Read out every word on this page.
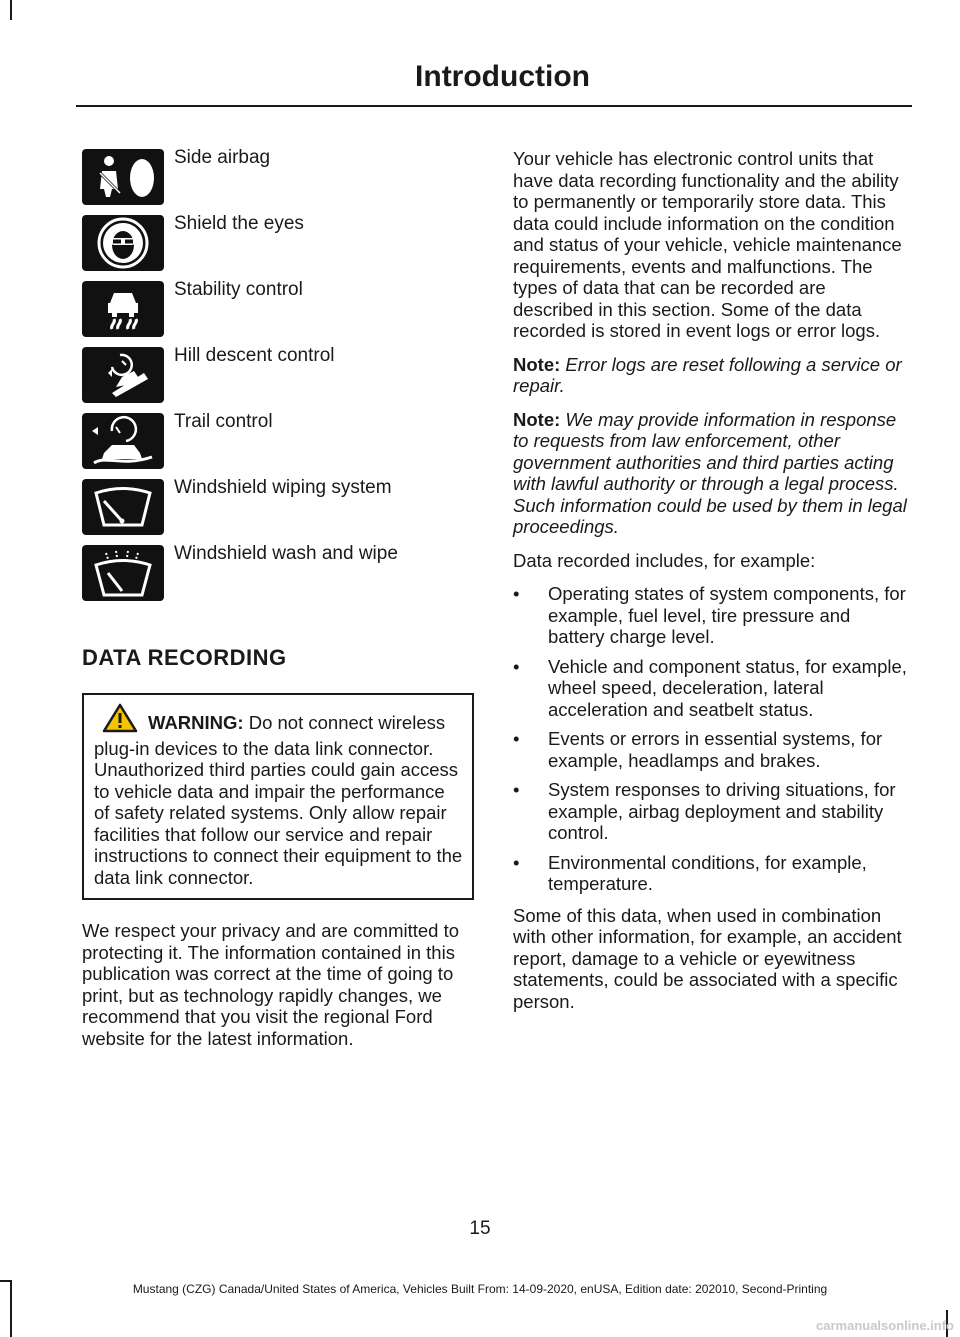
Introduction
Side airbag
Shield the eyes
Stability control
Hill descent control
Trail control
Windshield wiping system
Windshield wash and wipe
DATA RECORDING
WARNING: Do not connect wireless plug-in devices to the data link connector. Unauthorized third parties could gain access to vehicle data and impair the performance of safety related systems. Only allow repair facilities that follow our service and repair instructions to connect their equipment to the data link connector.

We respect your privacy and are committed to protecting it. The information contained in this publication was correct at the time of going to print, but as technology rapidly changes, we recommend that you visit the regional Ford website for the latest information.

Your vehicle has electronic control units that have data recording functionality and the ability to permanently or temporarily store data. This data could include information on the condition and status of your vehicle, vehicle maintenance requirements, events and malfunctions. The types of data that can be recorded are described in this section. Some of the data recorded is stored in event logs or error logs.

Note: Error logs are reset following a service or repair.

Note: We may provide information in response to requests from law enforcement, other government authorities and third parties acting with lawful authority or through a legal process. Such information could be used by them in legal proceedings.

Data recorded includes, for example:

• Operating states of system components, for example, fuel level, tire pressure and battery charge level.
• Vehicle and component status, for example, wheel speed, deceleration, lateral acceleration and seatbelt status.
• Events or errors in essential systems, for example, headlamps and brakes.
• System responses to driving situations, for example, airbag deployment and stability control.
• Environmental conditions, for example, temperature.

Some of this data, when used in combination with other information, for example, an accident report, damage to a vehicle or eyewitness statements, could be associated with a specific person.

15
Mustang (CZG) Canada/United States of America, Vehicles Built From: 14-09-2020, enUSA, Edition date: 202010, Second-Printing
carmanualsonline.info
